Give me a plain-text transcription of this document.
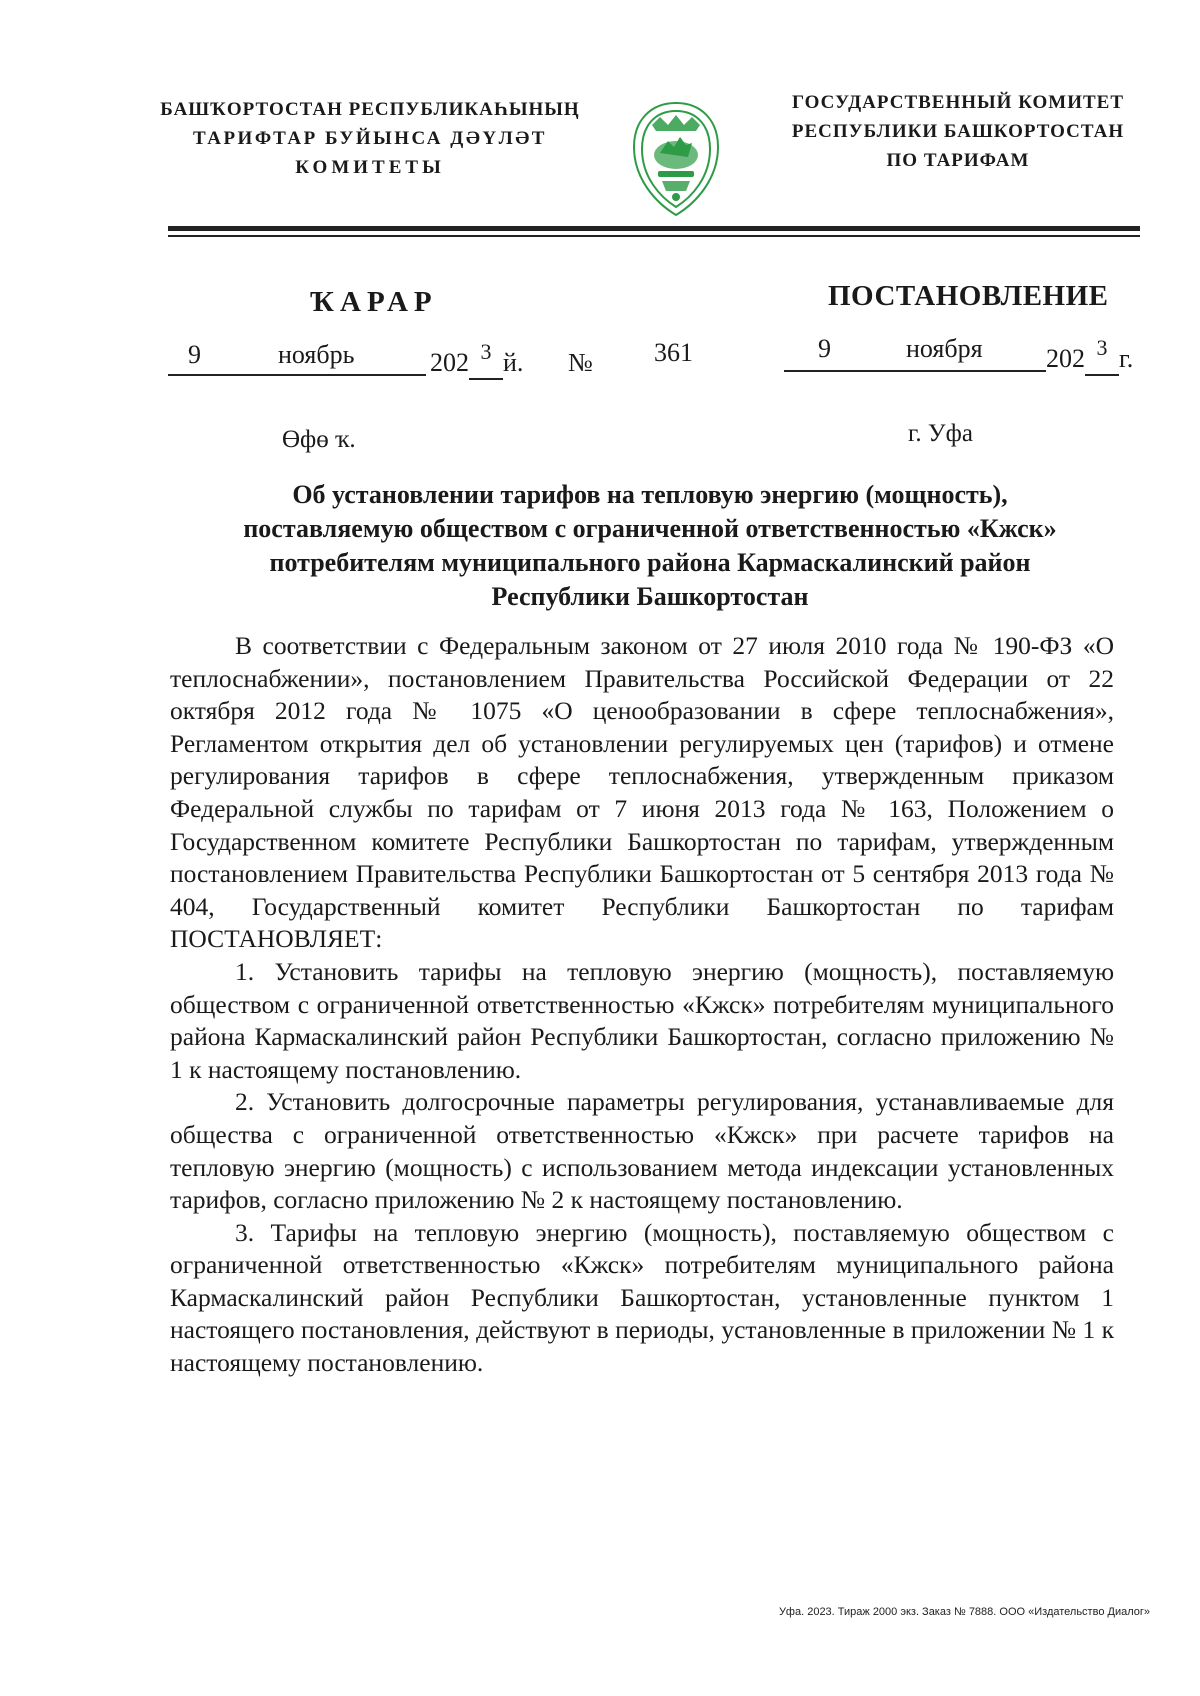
БАШҠОРТОСТАН РЕСПУБЛИКАҺЫНЫҢ
ТАРИФТАР БУЙЫНСА ДӘҮЛӘТ
КОМИТЕТЫ
ГОСУДАРСТВЕННЫЙ КОМИТЕТ
РЕСПУБЛИКИ БАШКОРТОСТАН
ПО ТАРИФАМ
ҠАРАР	ПОСТАНОВЛЕНИЕ
9	ноябрь	202 $^3$ й. № 361	9	ноября 202 $^3$ г.
Өфө ҡ.	г. Уфа
Об установлении тарифов на тепловую энергию (мощность),
поставляемую обществом с ограниченной ответственностью «Кжск»
потребителям муниципального района Кармаскалинский район
Республики Башкортостан

В соответствии с Федеральным законом от 27 июля 2010 года № 190-ФЗ «О теплоснабжении», постановлением Правительства Российской Федерации от 22 октября 2012 года № 1075 «О ценообразовании в сфере теплоснабжения», Регламентом открытия дел об установлении регулируемых цен (тарифов) и отмене регулирования тарифов в сфере теплоснабжения, утвержденным приказом Федеральной службы по тарифам от 7 июня 2013 года № 163, Положением о Государственном комитете Республики Башкортостан по тарифам, утвержденным постановлением Правительства Республики Башкортостан от 5 сентября 2013 года № 404, Государственный комитет Республики Башкортостан по тарифам ПОСТАНОВЛЯЕТ:

1. Установить тарифы на тепловую энергию (мощность), поставляемую обществом с ограниченной ответственностью «Кжск» потребителям муниципального района Кармаскалинский район Республики Башкортостан, согласно приложению № 1 к настоящему постановлению.

2. Установить долгосрочные параметры регулирования, устанавливаемые для общества с ограниченной ответственностью «Кжск» при расчете тарифов на тепловую энергию (мощность) с использованием метода индексации установленных тарифов, согласно приложению № 2 к настоящему постановлению.

3. Тарифы на тепловую энергию (мощность), поставляемую обществом с ограниченной ответственностью «Кжск» потребителям муниципального района Кармаскалинский район Республики Башкортостан, установленные пунктом 1 настоящего постановления, действуют в периоды, установленные в приложении № 1 к настоящему постановлению.

Уфа. 2023. Тираж 2000 экз. Заказ № 7888. ООО «Издательство Диалог»
